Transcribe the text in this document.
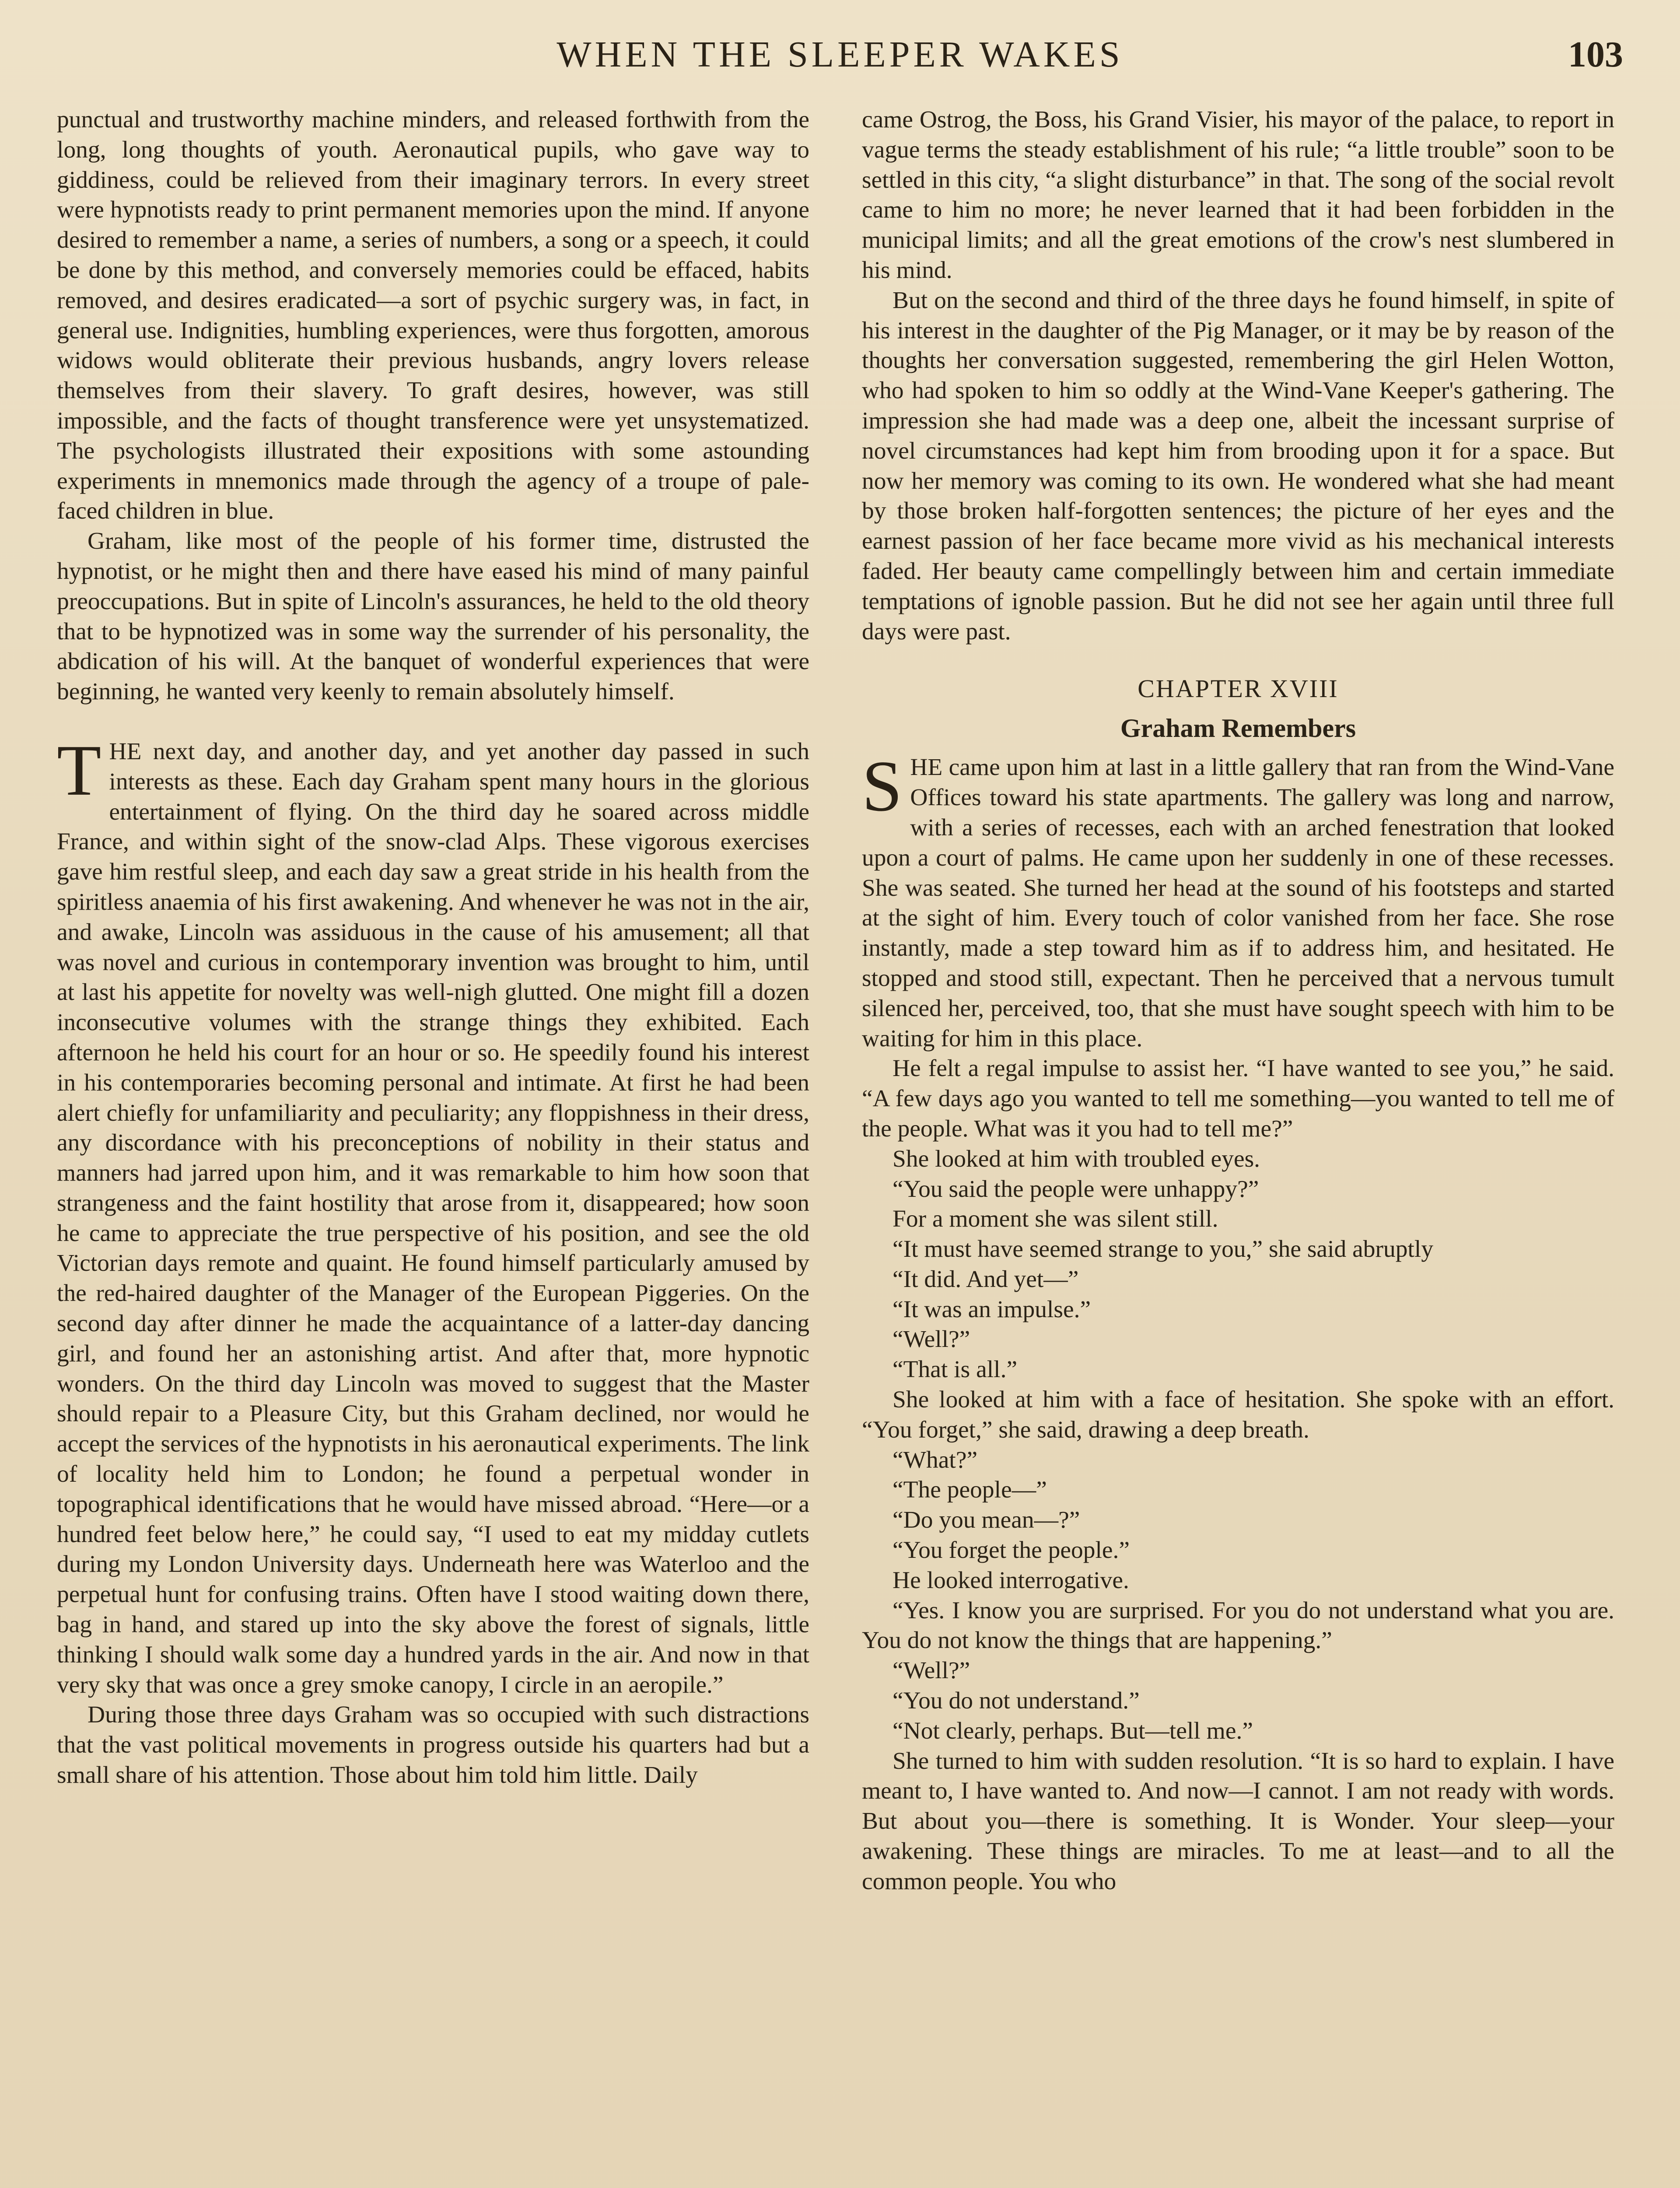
WHEN THE SLEEPER WAKES	103

punctual and trustworthy machine minders, and released forthwith from the long, long thoughts of youth. Aeronautical pupils, who gave way to giddiness, could be relieved from their imaginary terrors. In every street were hypnotists ready to print permanent memories upon the mind. If anyone desired to remember a name, a series of numbers, a song or a speech, it could be done by this method, and conversely memories could be effaced, habits removed, and desires eradicated—a sort of psychic surgery was, in fact, in general use. Indignities, humbling experiences, were thus forgotten, amorous widows would obliterate their previous husbands, angry lovers release themselves from their slavery. To graft desires, however, was still impossible, and the facts of thought transference were yet unsystematized. The psychologists illustrated their expositions with some astounding experiments in mnemonics made through the agency of a troupe of pale-faced children in blue.

Graham, like most of the people of his former time, distrusted the hypnotist, or he might then and there have eased his mind of many painful preoccupations. But in spite of Lincoln's assurances, he held to the old theory that to be hypnotized was in some way the surrender of his personality, the abdication of his will. At the banquet of wonderful experiences that were beginning, he wanted very keenly to remain absolutely himself.

THE next day, and another day, and yet another day passed in such interests as these. Each day Graham spent many hours in the glorious entertainment of flying. On the third day he soared across middle France, and within sight of the snow-clad Alps. These vigorous exercises gave him restful sleep, and each day saw a great stride in his health from the spiritless anaemia of his first awakening. And whenever he was not in the air, and awake, Lincoln was assiduous in the cause of his amusement; all that was novel and curious in contemporary invention was brought to him, until at last his appetite for novelty was well-nigh glutted. One might fill a dozen inconsecutive volumes with the strange things they exhibited. Each afternoon he held his court for an hour or so. He speedily found his interest in his contemporaries becoming personal and intimate. At first he had been alert chiefly for unfamiliarity and peculiarity; any floppishness in their dress, any discordance with his preconceptions of nobility in their status and manners had jarred upon him, and it was remarkable to him how soon that strangeness and the faint hostility that arose from it, disappeared; how soon he came to appreciate the true perspective of his position, and see the old Victorian days remote and quaint. He found himself particularly amused by the red-haired daughter of the Manager of the European Piggeries. On the second day after dinner he made the acquaintance of a latter-day dancing girl, and found her an astonishing artist. And after that, more hypnotic wonders. On the third day Lincoln was moved to suggest that the Master should repair to a Pleasure City, but this Graham declined, nor would he accept the services of the hypnotists in his aeronautical experiments. The link of locality held him to London; he found a perpetual wonder in topographical identifications that he would have missed abroad. “Here—or a hundred feet below here,” he could say, “I used to eat my midday cutlets during my London University days. Underneath here was Waterloo and the perpetual hunt for confusing trains. Often have I stood waiting down there, bag in hand, and stared up into the sky above the forest of signals, little thinking I should walk some day a hundred yards in the air. And now in that very sky that was once a grey smoke canopy, I circle in an aeropile.”

During those three days Graham was so occupied with such distractions that the vast political movements in progress outside his quarters had but a small share of his attention. Those about him told him little. Daily

came Ostrog, the Boss, his Grand Visier, his mayor of the palace, to report in vague terms the steady establishment of his rule; “a little trouble” soon to be settled in this city, “a slight disturbance” in that. The song of the social revolt came to him no more; he never learned that it had been forbidden in the municipal limits; and all the great emotions of the crow's nest slumbered in his mind.

But on the second and third of the three days he found himself, in spite of his interest in the daughter of the Pig Manager, or it may be by reason of the thoughts her conversation suggested, remembering the girl Helen Wotton, who had spoken to him so oddly at the Wind-Vane Keeper's gathering. The impression she had made was a deep one, albeit the incessant surprise of novel circumstances had kept him from brooding upon it for a space. But now her memory was coming to its own. He wondered what she had meant by those broken half-forgotten sentences; the picture of her eyes and the earnest passion of her face became more vivid as his mechanical interests faded. Her beauty came compellingly between him and certain immediate temptations of ignoble passion. But he did not see her again until three full days were past.

CHAPTER XVIII
Graham Remembers

SHE came upon him at last in a little gallery that ran from the Wind-Vane Offices toward his state apartments. The gallery was long and narrow, with a series of recesses, each with an arched fenestration that looked upon a court of palms. He came upon her suddenly in one of these recesses. She was seated. She turned her head at the sound of his footsteps and started at the sight of him. Every touch of color vanished from her face. She rose instantly, made a step toward him as if to address him, and hesitated. He stopped and stood still, expectant. Then he perceived that a nervous tumult silenced her, perceived, too, that she must have sought speech with him to be waiting for him in this place.

He felt a regal impulse to assist her. “I have wanted to see you,” he said. “A few days ago you wanted to tell me something—you wanted to tell me of the people. What was it you had to tell me?”

She looked at him with troubled eyes.

“You said the people were unhappy?”

For a moment she was silent still.

“It must have seemed strange to you,” she said abruptly

“It did. And yet—”

“It was an impulse.”

“Well?”

“That is all.”

She looked at him with a face of hesitation. She spoke with an effort. “You forget,” she said, drawing a deep breath.

“What?”

“The people—”

“Do you mean—?”

“You forget the people.”

He looked interrogative.

“Yes. I know you are surprised. For you do not understand what you are. You do not know the things that are happening.”

“Well?”

“You do not understand.”

“Not clearly, perhaps. But—tell me.”

She turned to him with sudden resolution. “It is so hard to explain. I have meant to, I have wanted to. And now—I cannot. I am not ready with words. But about you—there is something. It is Wonder. Your sleep—your awakening. These things are miracles. To me at least—and to all the common people. You who
